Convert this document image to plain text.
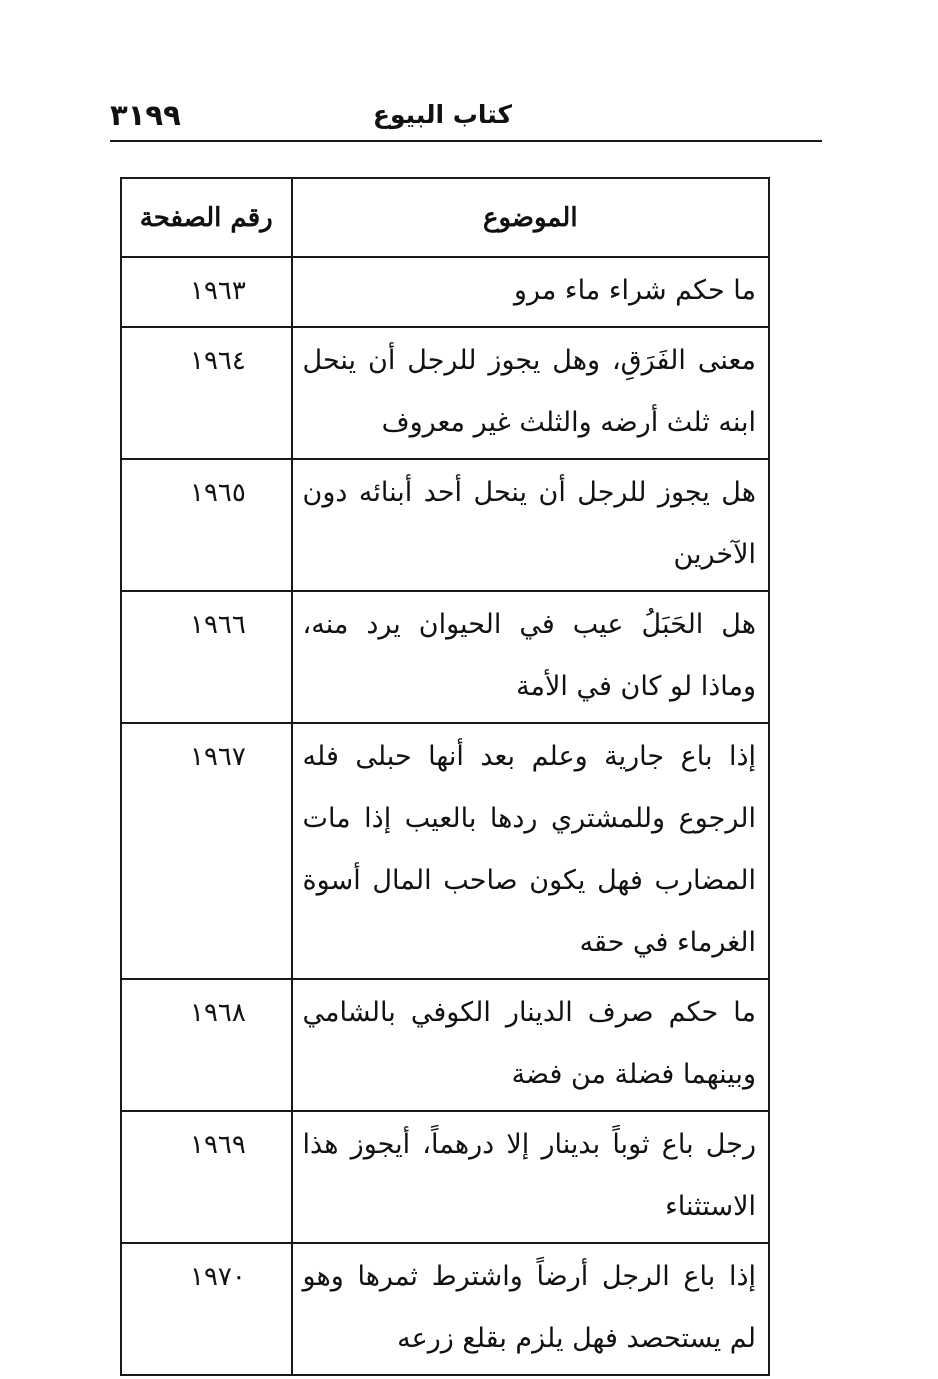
كتاب البيوع
٣١٩٩
الموضوع	رقم الصفحة
ما حكم شراء ماء مرو	١٩٦٣
معنى الفَرَقِ، وهل يجوز للرجل أن ينحل ابنه ثلث أرضه والثلث غير معروف	١٩٦٤
هل يجوز للرجل أن ينحل أحد أبنائه دون الآخرين	١٩٦٥
هل الحَبَلُ عيب في الحيوان يرد منه، وماذا لو كان في الأمة	١٩٦٦
إذا باع جارية وعلم بعد أنها حبلى فله الرجوع وللمشتري ردها بالعيب إذا مات المضارب فهل يكون صاحب المال أسوة الغرماء في حقه	١٩٦٧
ما حكم صرف الدينار الكوفي بالشامي وبينهما فضلة من فضة	١٩٦٨
رجل باع ثوباً بدينار إلا درهماً، أيجوز هذا الاستثناء	١٩٦٩
إذا باع الرجل أرضاً واشترط ثمرها وهو لم يستحصد فهل يلزم بقلع زرعه	١٩٧٠
